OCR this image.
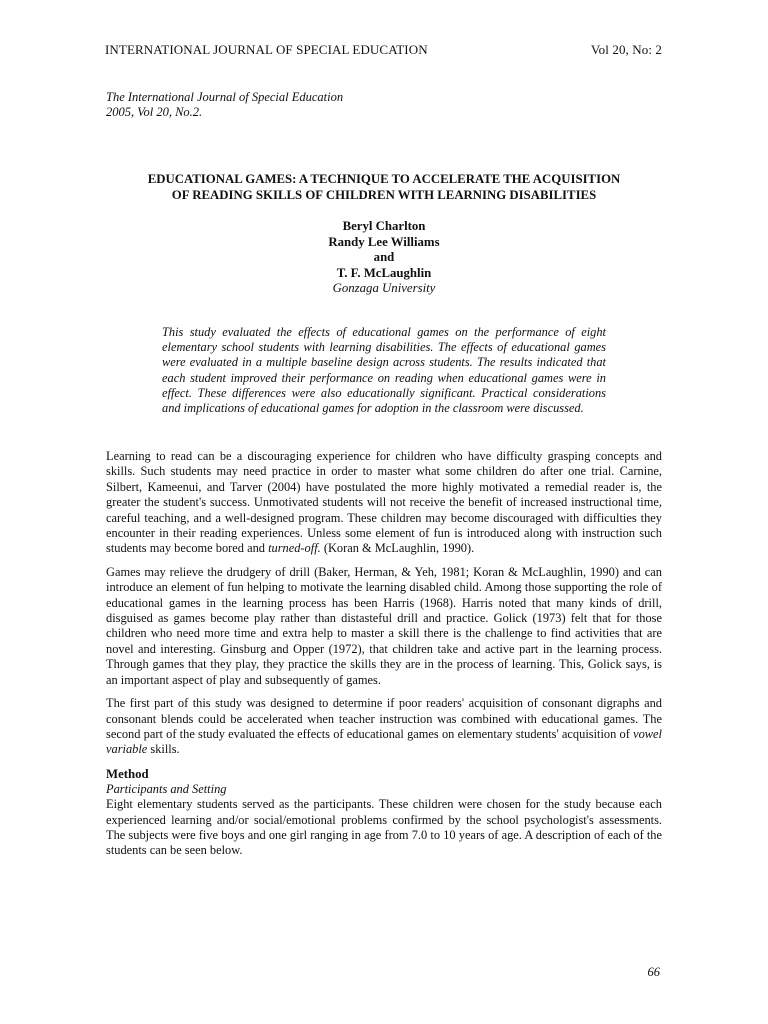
INTERNATIONAL JOURNAL OF SPECIAL EDUCATION	Vol 20, No: 2
The International Journal of Special Education
2005, Vol 20, No.2.
EDUCATIONAL GAMES: A TECHNIQUE TO ACCELERATE THE ACQUISITION
OF READING SKILLS OF CHILDREN WITH LEARNING DISABILITIES
Beryl Charlton
Randy Lee Williams
and
T. F. McLaughlin
Gonzaga University
This study evaluated the effects of educational games on the performance of eight elementary school students with learning disabilities. The effects of educational games were evaluated in a multiple baseline design across students. The results indicated that each student improved their performance on reading when educational games were in effect. These differences were also educationally significant. Practical considerations and implications of educational games for adoption in the classroom were discussed.

Learning to read can be a discouraging experience for children who have difficulty grasping concepts and skills. Such students may need practice in order to master what some children do after one trial. Carnine, Silbert, Kameenui, and Tarver (2004) have postulated the more highly motivated a remedial reader is, the greater the student's success. Unmotivated students will not receive the benefit of increased instructional time, careful teaching, and a well-designed program. These children may become discouraged with difficulties they encounter in their reading experiences. Unless some element of fun is introduced along with instruction such students may become bored and turned-off. (Koran & McLaughlin, 1990).

Games may relieve the drudgery of drill (Baker, Herman, & Yeh, 1981; Koran & McLaughlin, 1990) and can introduce an element of fun helping to motivate the learning disabled child. Among those supporting the role of educational games in the learning process has been Harris (1968). Harris noted that many kinds of drill, disguised as games become play rather than distasteful drill and practice. Golick (1973) felt that for those children who need more time and extra help to master a skill there is the challenge to find activities that are novel and interesting. Ginsburg and Opper (1972), that children take and active part in the learning process. Through games that they play, they practice the skills they are in the process of learning. This, Golick says, is an important aspect of play and subsequently of games.

The first part of this study was designed to determine if poor readers' acquisition of consonant digraphs and consonant blends could be accelerated when teacher instruction was combined with educational games. The second part of the study evaluated the effects of educational games on elementary students' acquisition of vowel variable skills.

Method
Participants and Setting

Eight elementary students served as the participants. These children were chosen for the study because each experienced learning and/or social/emotional problems confirmed by the school psychologist's assessments. The subjects were five boys and one girl ranging in age from 7.0 to 10 years of age. A description of each of the students can be seen below.

66
